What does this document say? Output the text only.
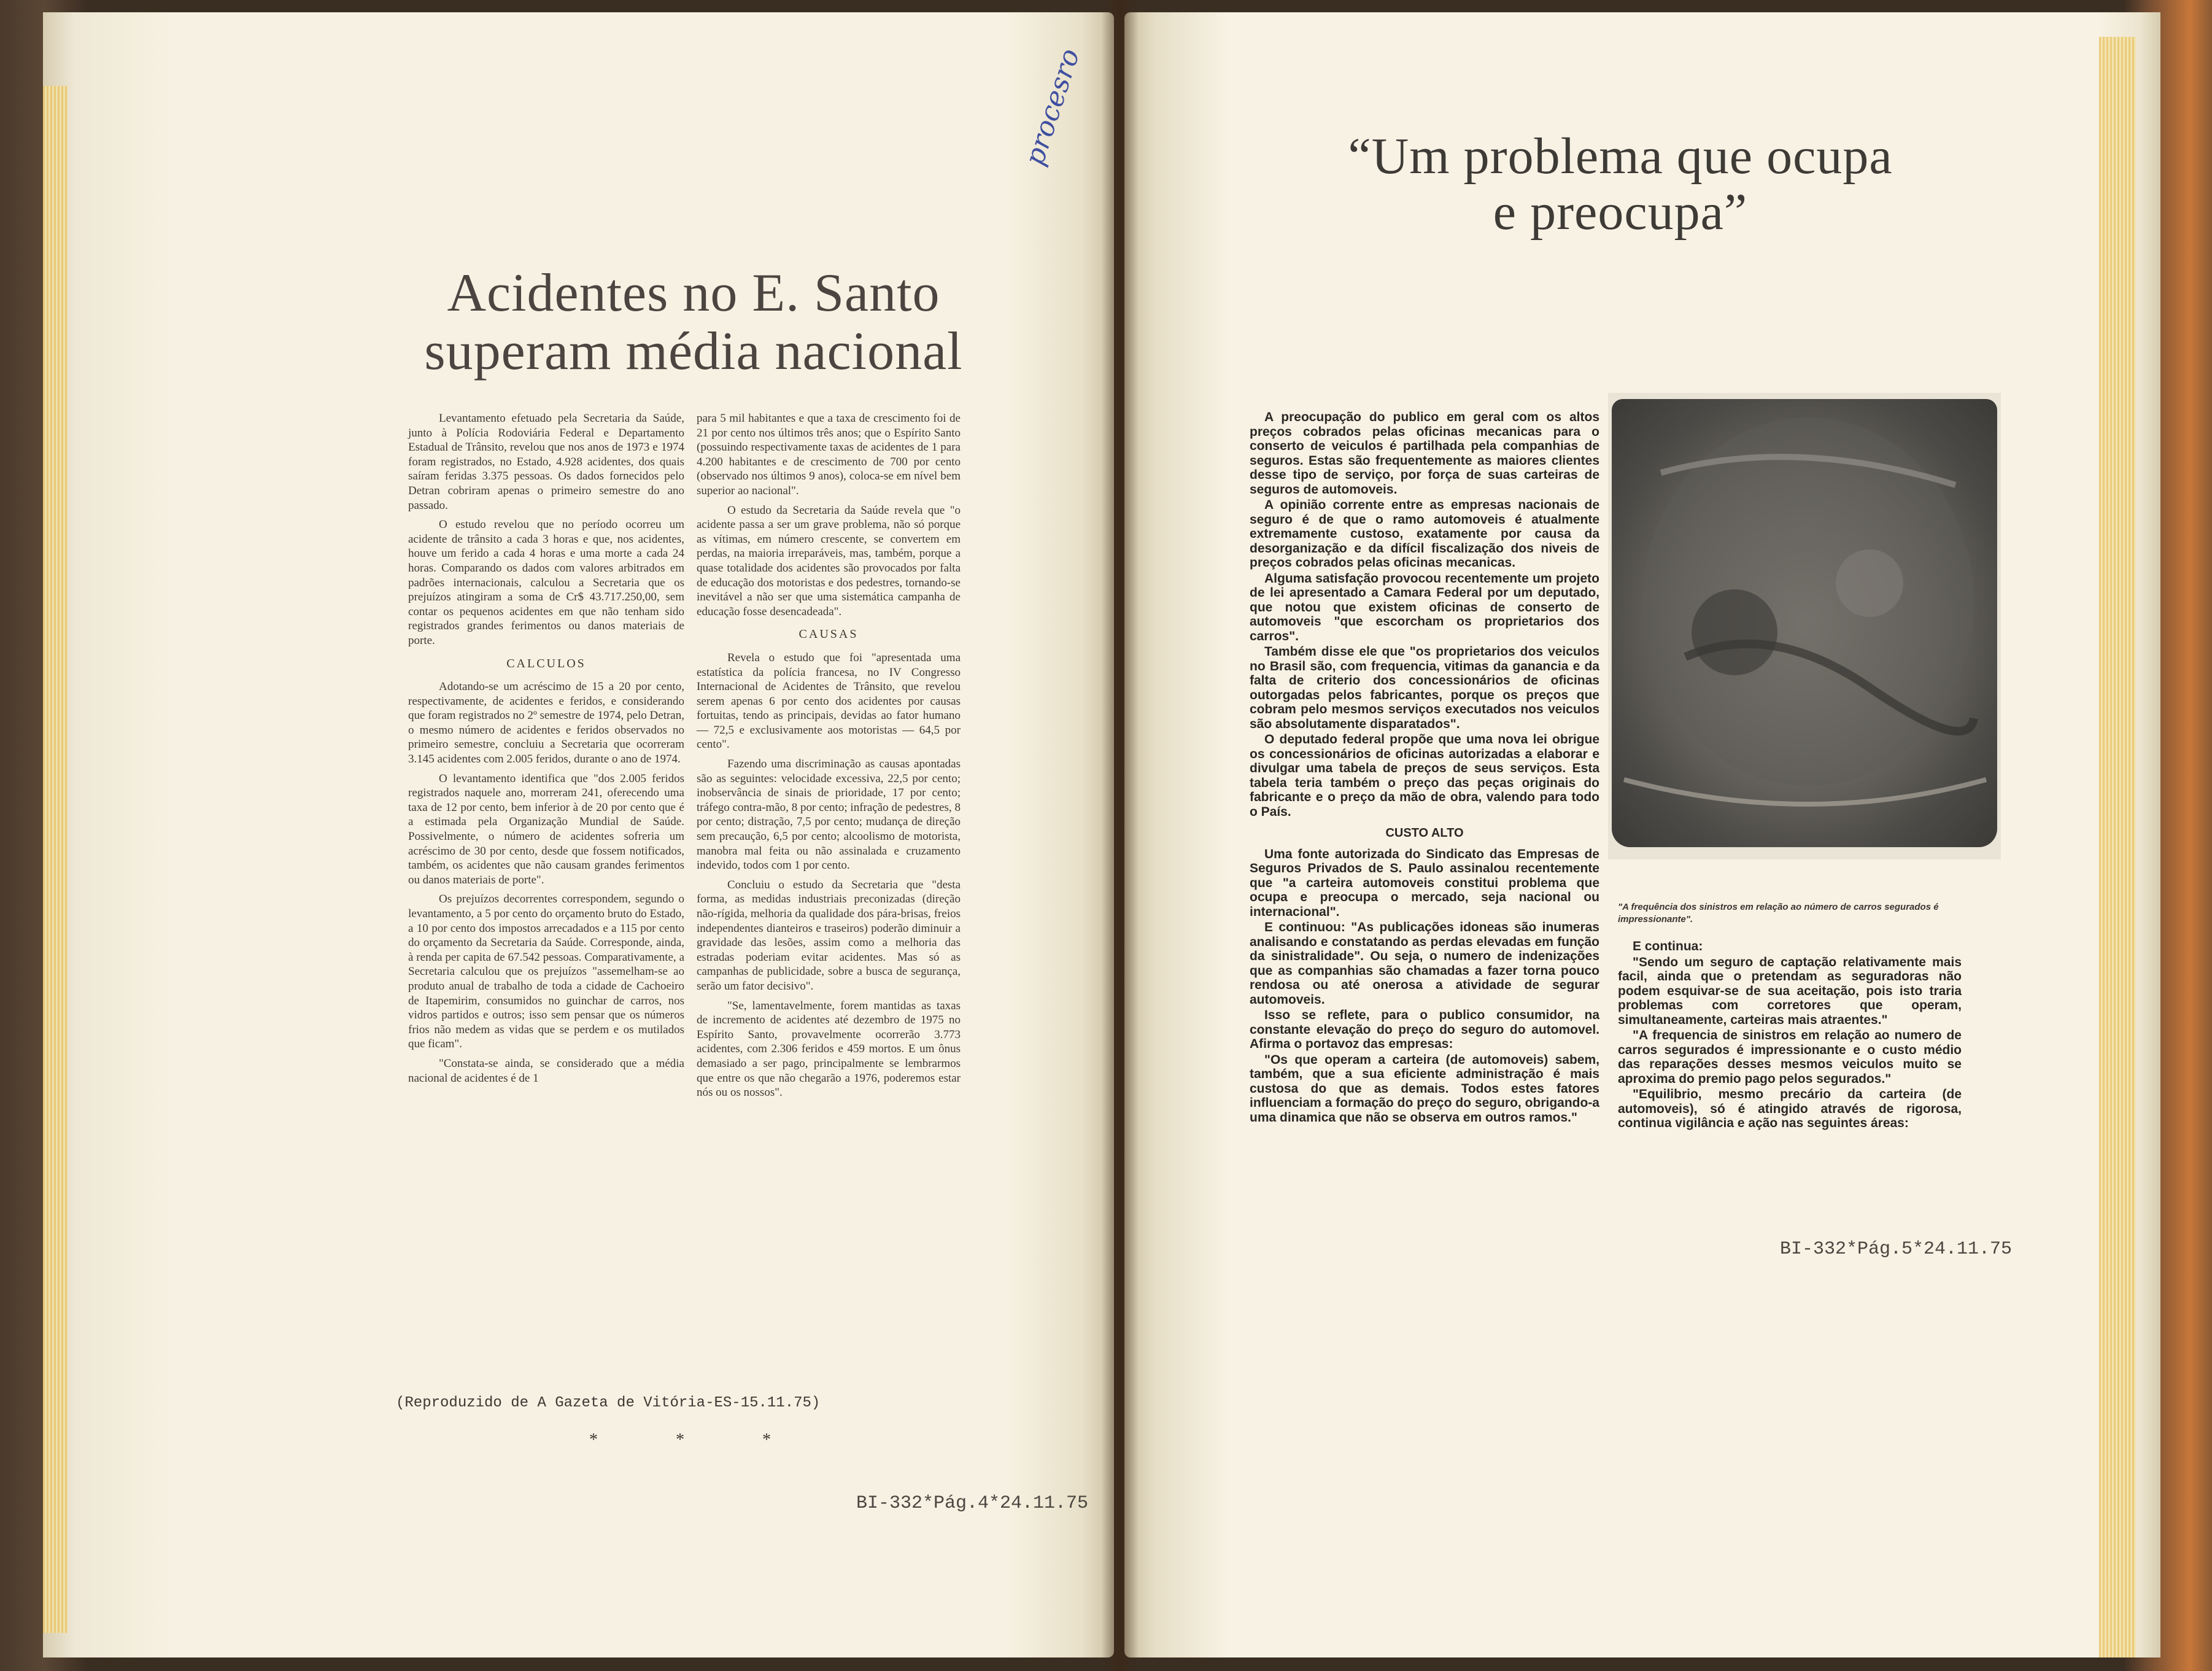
procesro
Acidentes no E. Santo
superam média nacional

Levantamento efetuado pela Secretaria da Saúde, junto à Polícia Rodoviária Federal e Departamento Estadual de Trânsito, revelou que nos anos de 1973 e 1974 foram registrados, no Estado, 4.928 acidentes, dos quais saíram feridas 3.375 pessoas. Os dados fornecidos pelo Detran cobriram apenas o primeiro semestre do ano passado.

O estudo revelou que no período ocorreu um acidente de trânsito a cada 3 horas e que, nos acidentes, houve um ferido a cada 4 horas e uma morte a cada 24 horas. Comparando os dados com valores arbitrados em padrões internacionais, calculou a Secretaria que os prejuízos atingiram a soma de Cr$ 43.717.250,00, sem contar os pequenos acidentes em que não tenham sido registrados grandes ferimentos ou danos materiais de porte.

CALCULOS

Adotando-se um acréscimo de 15 a 20 por cento, respectivamente, de acidentes e feridos, e considerando que foram registrados no 2º semestre de 1974, pelo Detran, o mesmo número de acidentes e feridos observados no primeiro semestre, concluiu a Secretaria que ocorreram 3.145 acidentes com 2.005 feridos, durante o ano de 1974.

O levantamento identifica que "dos 2.005 feridos registrados naquele ano, morreram 241, oferecendo uma taxa de 12 por cento, bem inferior à de 20 por cento que é a estimada pela Organização Mundial de Saúde. Possivelmente, o número de acidentes sofreria um acréscimo de 30 por cento, desde que fossem notificados, também, os acidentes que não causam grandes ferimentos ou danos materiais de porte".

Os prejuízos decorrentes correspondem, segundo o levantamento, a 5 por cento do orçamento bruto do Estado, a 10 por cento dos impostos arrecadados e a 115 por cento do orçamento da Secretaria da Saúde. Corresponde, ainda, à renda per capita de 67.542 pessoas. Comparativamente, a Secretaria calculou que os prejuízos "assemelham-se ao produto anual de trabalho de toda a cidade de Cachoeiro de Itapemirim, consumidos no guinchar de carros, nos vidros partidos e outros; isso sem pensar que os números frios não medem as vidas que se perdem e os mutilados que ficam".

"Constata-se ainda, se considerado que a média nacional de acidentes é de 1

para 5 mil habitantes e que a taxa de crescimento foi de 21 por cento nos últimos três anos; que o Espírito Santo (possuindo respectivamente taxas de acidentes de 1 para 4.200 habitantes e de crescimento de 700 por cento (observado nos últimos 9 anos), coloca-se em nível bem superior ao nacional".

O estudo da Secretaria da Saúde revela que "o acidente passa a ser um grave problema, não só porque as vítimas, em número crescente, se convertem em perdas, na maioria irreparáveis, mas, também, porque a quase totalidade dos acidentes são provocados por falta de educação dos motoristas e dos pedestres, tornando-se inevitável a não ser que uma sistemática campanha de educação fosse desencadeada".

CAUSAS

Revela o estudo que foi "apresentada uma estatística da polícia francesa, no IV Congresso Internacional de Acidentes de Trânsito, que revelou serem apenas 6 por cento dos acidentes por causas fortuitas, tendo as principais, devidas ao fator humano — 72,5 e exclusivamente aos motoristas — 64,5 por cento".

Fazendo uma discriminação as causas apontadas são as seguintes: velocidade excessiva, 22,5 por cento; inobservância de sinais de prioridade, 17 por cento; tráfego contra-mão, 8 por cento; infração de pedestres, 8 por cento; distração, 7,5 por cento; mudança de direção sem precaução, 6,5 por cento; alcoolismo de motorista, manobra mal feita ou não assinalada e cruzamento indevido, todos com 1 por cento.

Concluiu o estudo da Secretaria que "desta forma, as medidas industriais preconizadas (direção não-rígida, melhoria da qualidade dos pára-brisas, freios independentes dianteiros e traseiros) poderão diminuir a gravidade das lesões, assim como a melhoria das estradas poderiam evitar acidentes. Mas só as campanhas de publicidade, sobre a busca de segurança, serão um fator decisivo".

"Se, lamentavelmente, forem mantidas as taxas de incremento de acidentes até dezembro de 1975 no Espírito Santo, provavelmente ocorrerão 3.773 acidentes, com 2.306 feridos e 459 mortos. E um ônus demasiado a ser pago, principalmente se lembrarmos que entre os que não chegarão a 1976, poderemos estar nós ou os nossos".

(Reproduzido de A Gazeta de Vitória-ES-15.11.75)
* * *
BI-332*Pág.4*24.11.75
“Um problema que ocupa
e preocupa”

A preocupação do publico em geral com os altos preços cobrados pelas oficinas mecanicas para o conserto de veiculos é partilhada pela companhias de seguros. Estas são frequentemente as maiores clientes desse tipo de serviço, por força de suas carteiras de seguros de automoveis.

A opinião corrente entre as empresas nacionais de seguro é de que o ramo automoveis é atualmente extremamente custoso, exatamente por causa da desorganização e da difícil fiscalização dos niveis de preços cobrados pelas oficinas mecanicas.

Alguma satisfação provocou recentemente um projeto de lei apresentado a Camara Federal por um deputado, que notou que existem oficinas de conserto de automoveis "que escorcham os proprietarios dos carros".

Também disse ele que "os proprietarios dos veiculos no Brasil são, com frequencia, vitimas da ganancia e da falta de criterio dos concessionários de oficinas outorgadas pelos fabricantes, porque os preços que cobram pelo mesmos serviços executados nos veiculos são absolutamente disparatados".

O deputado federal propõe que uma nova lei obrigue os concessionários de oficinas autorizadas a elaborar e divulgar uma tabela de preços de seus serviços. Esta tabela teria também o preço das peças originais do fabricante e o preço da mão de obra, valendo para todo o País.

CUSTO ALTO

Uma fonte autorizada do Sindicato das Empresas de Seguros Privados de S. Paulo assinalou recentemente que "a carteira automoveis constitui problema que ocupa e preocupa o mercado, seja nacional ou internacional".

E continuou: "As publicações idoneas são inumeras analisando e constatando as perdas elevadas em função da sinistralidade". Ou seja, o numero de indenizações que as companhias são chamadas a fazer torna pouco rendosa ou até onerosa a atividade de segurar automoveis.

Isso se reflete, para o publico consumidor, na constante elevação do preço do seguro do automovel. Afirma o portavoz das empresas:

"Os que operam a carteira (de automoveis) sabem, também, que a sua eficiente administração é mais custosa do que as demais. Todos estes fatores influenciam a formação do preço do seguro, obrigando-a uma dinamica que não se observa em outros ramos."

"A frequência dos sinistros em relação ao número de carros segurados é impressionante".

E continua:

"Sendo um seguro de captação relativamente mais facil, ainda que o pretendam as seguradoras não podem esquivar-se de sua aceitação, pois isto traria problemas com corretores que operam, simultaneamente, carteiras mais atraentes."

"A frequencia de sinistros em relação ao numero de carros segurados é impressionante e o custo médio das reparações desses mesmos veiculos muito se aproxima do premio pago pelos segurados."

"Equilibrio, mesmo precário da carteira (de automoveis), só é atingido através de rigorosa, continua vigilância e ação nas seguintes áreas:

BI-332*Pág.5*24.11.75
